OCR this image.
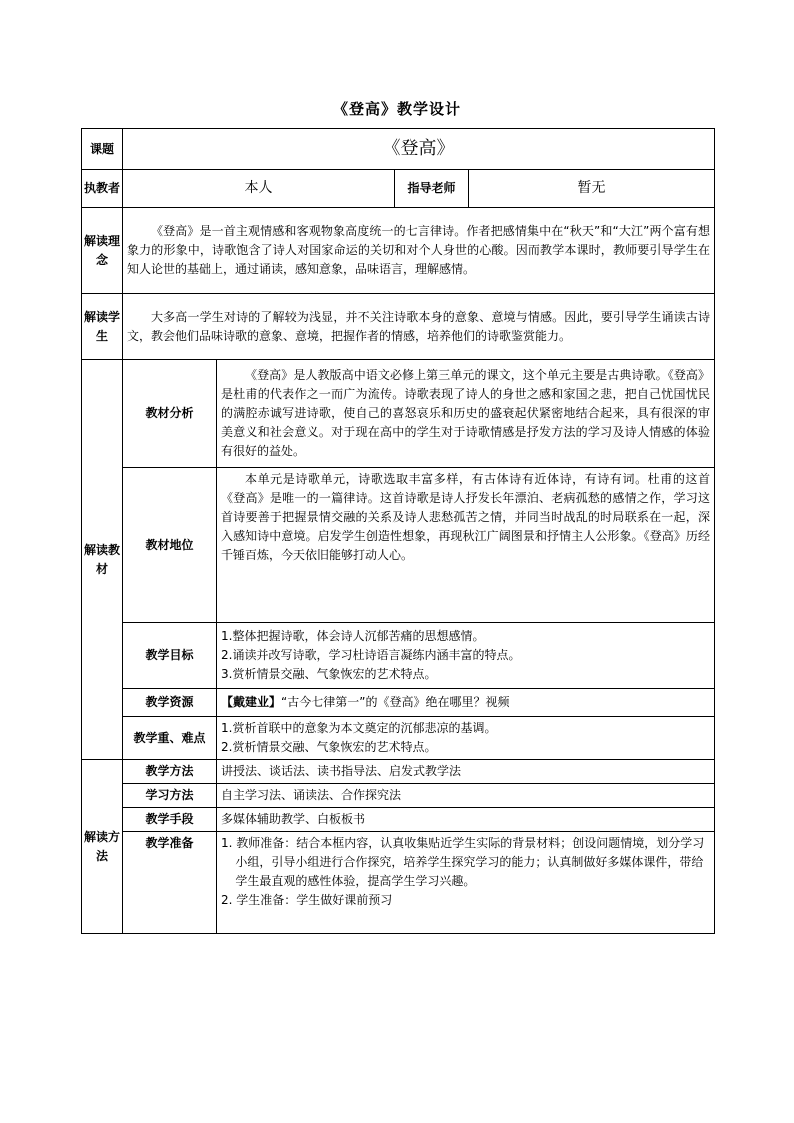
《登高》教学设计
课题	《登高》			
执教者	本人		指导老师	暂无
解读理念	《登高》是一首主观情感和客观物象高度统一的七言律诗。作者把感情集中在“秋天”和“大江”两个富有想象力的形象中，诗歌饱含了诗人对国家命运的关切和对个人身世的心酸。因而教学本课时，教师要引导学生在知人论世的基础上，通过诵读，感知意象，品味语言，理解感情。			
解读学生	大多高一学生对诗的了解较为浅显，并不关注诗歌本身的意象、意境与情感。因此，要引导学生诵读古诗文，教会他们品味诗歌的意象、意境，把握作者的情感，培养他们的诗歌鉴赏能力。			
解读教材	教材分析	《登高》是人教版高中语文必修上第三单元的课文，这个单元主要是古典诗歌。《登高》是杜甫的代表作之一而广为流传。诗歌表现了诗人的身世之感和家国之悲，把自己忧国忧民的满腔赤诚写进诗歌，使自己的喜怒哀乐和历史的盛衰起伏紧密地结合起来，具有很深的审美意义和社会意义。对于现在高中的学生对于诗歌情感是抒发方法的学习及诗人情感的体验有很好的益处。		
	教材地位	本单元是诗歌单元，诗歌选取丰富多样，有古体诗有近体诗，有诗有词。杜甫的这首《登高》是唯一的一篇律诗。这首诗歌是诗人抒发长年漂泊、老病孤愁的感情之作，学习这首诗要善于把握景情交融的关系及诗人悲愁孤苦之情，并同当时战乱的时局联系在一起，深入感知诗中意境。启发学生创造性想象，再现秋江广阔图景和抒情主人公形象。《登高》历经千锤百炼，今天依旧能够打动人心。		
	教学目标	1.整体把握诗歌，体会诗人沉郁苦痛的思想感情。
2.诵读并改写诗歌，学习杜诗语言凝练内涵丰富的特点。
3.赏析情景交融、气象恢宏的艺术特点。		

	教学资源	【戴建业】“古今七律第一”的《登高》绝在哪里？视频		
	教学重、难点	1.赏析首联中的意象为本文奠定的沉郁悲凉的基调。
2.赏析情景交融、气象恢宏的艺术特点。		

解读方法	教学方法	讲授法、谈话法、读书指导法、启发式教学法		
	学习方法	自主学习法、诵读法、合作探究法		
	教学手段	多媒体辅助教学、白板板书		
	教学准备	1. 教师准备：结合本框内容，认真收集贴近学生实际的背景材料；创设问题情境，划分学习小组，引导小组进行合作探究，培养学生探究学习的能力；认真制做好多媒体课件，带给学生最直观的感性体验，提高学生学习兴趣。
2. 学生准备：学生做好课前预习		
